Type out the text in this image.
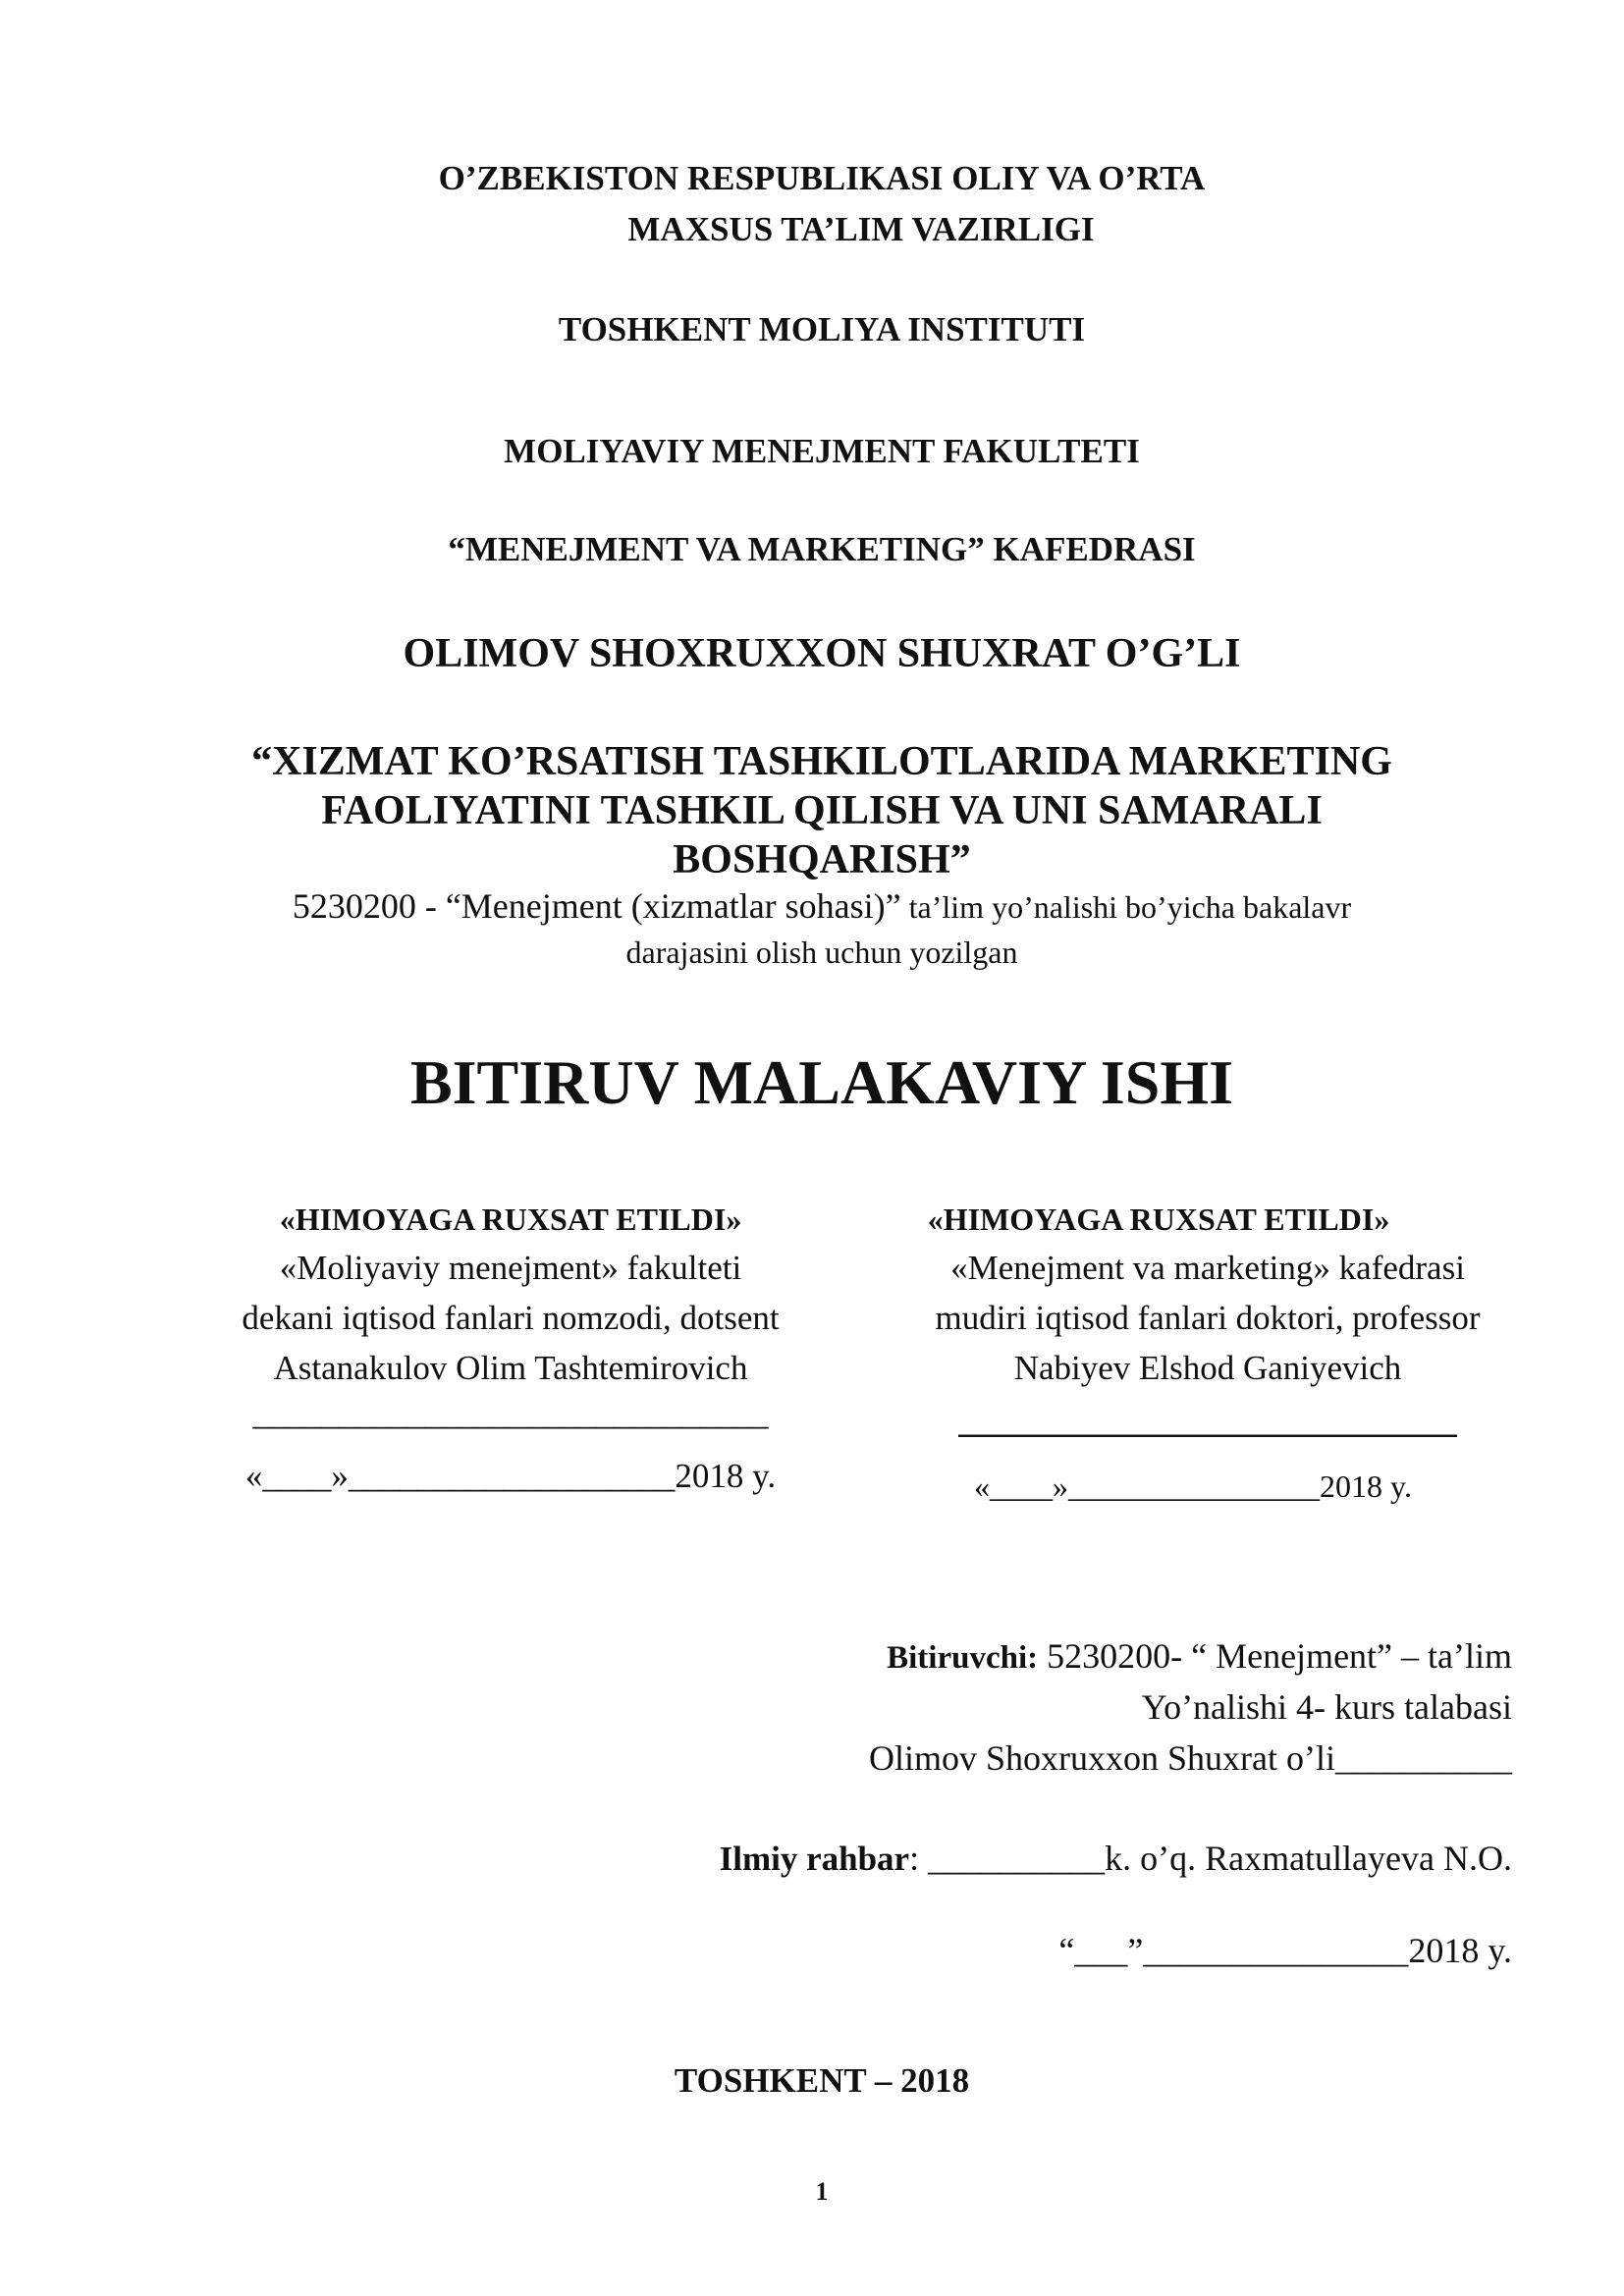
O’ZBEKISTON RESPUBLIKASI OLIY VA O’RTA
MAXSUS TA’LIM VAZIRLIGI
TOSHKENT MOLIYA INSTITUTI
MOLIYAVIY MENEJMENT FAKULTETI
“MENEJMENT VA MARKETING” KAFEDRASI
OLIMOV SHOXRUXXON SHUXRAT O’G’LI
“XIZMAT KO’RSATISH TASHKILOTLARIDA MARKETING
FAOLIYATINI TASHKIL QILISH VA UNI SAMARALI
BOSHQARISH”
5230200 - “Menejment (xizmatlar sohasi)” ta’lim yo’nalishi bo’yicha bakalavr
darajasini olish uchun yozilgan
BITIRUV MALAKAVIY ISHI
«HIMOYAGA RUXSAT ETILDI»
«Moliyaviy menejment» fakulteti
dekani iqtisod fanlari nomzodi, dotsent
Astanakulov Olim Tashtemirovich
______________________________
«____»___________________2018 y.
«HIMOYAGA RUXSAT ETILDI»
«Menejment va marketing» kafedrasi
mudiri iqtisod fanlari doktori, professor
Nabiyev Elshod Ganiyevich
_____________________________
«____»________________2018 y.
Bitiruvchi: 5230200- “ Menejment” – ta’lim
Yo’nalishi 4- kurs talabasi
Olimov Shoxruxxon Shuxrat o’li__________
Ilmiy rahbar: __________k. o’q. Raxmatullayeva N.O.
“___”_______________2018 y.
TOSHKENT – 2018
1
